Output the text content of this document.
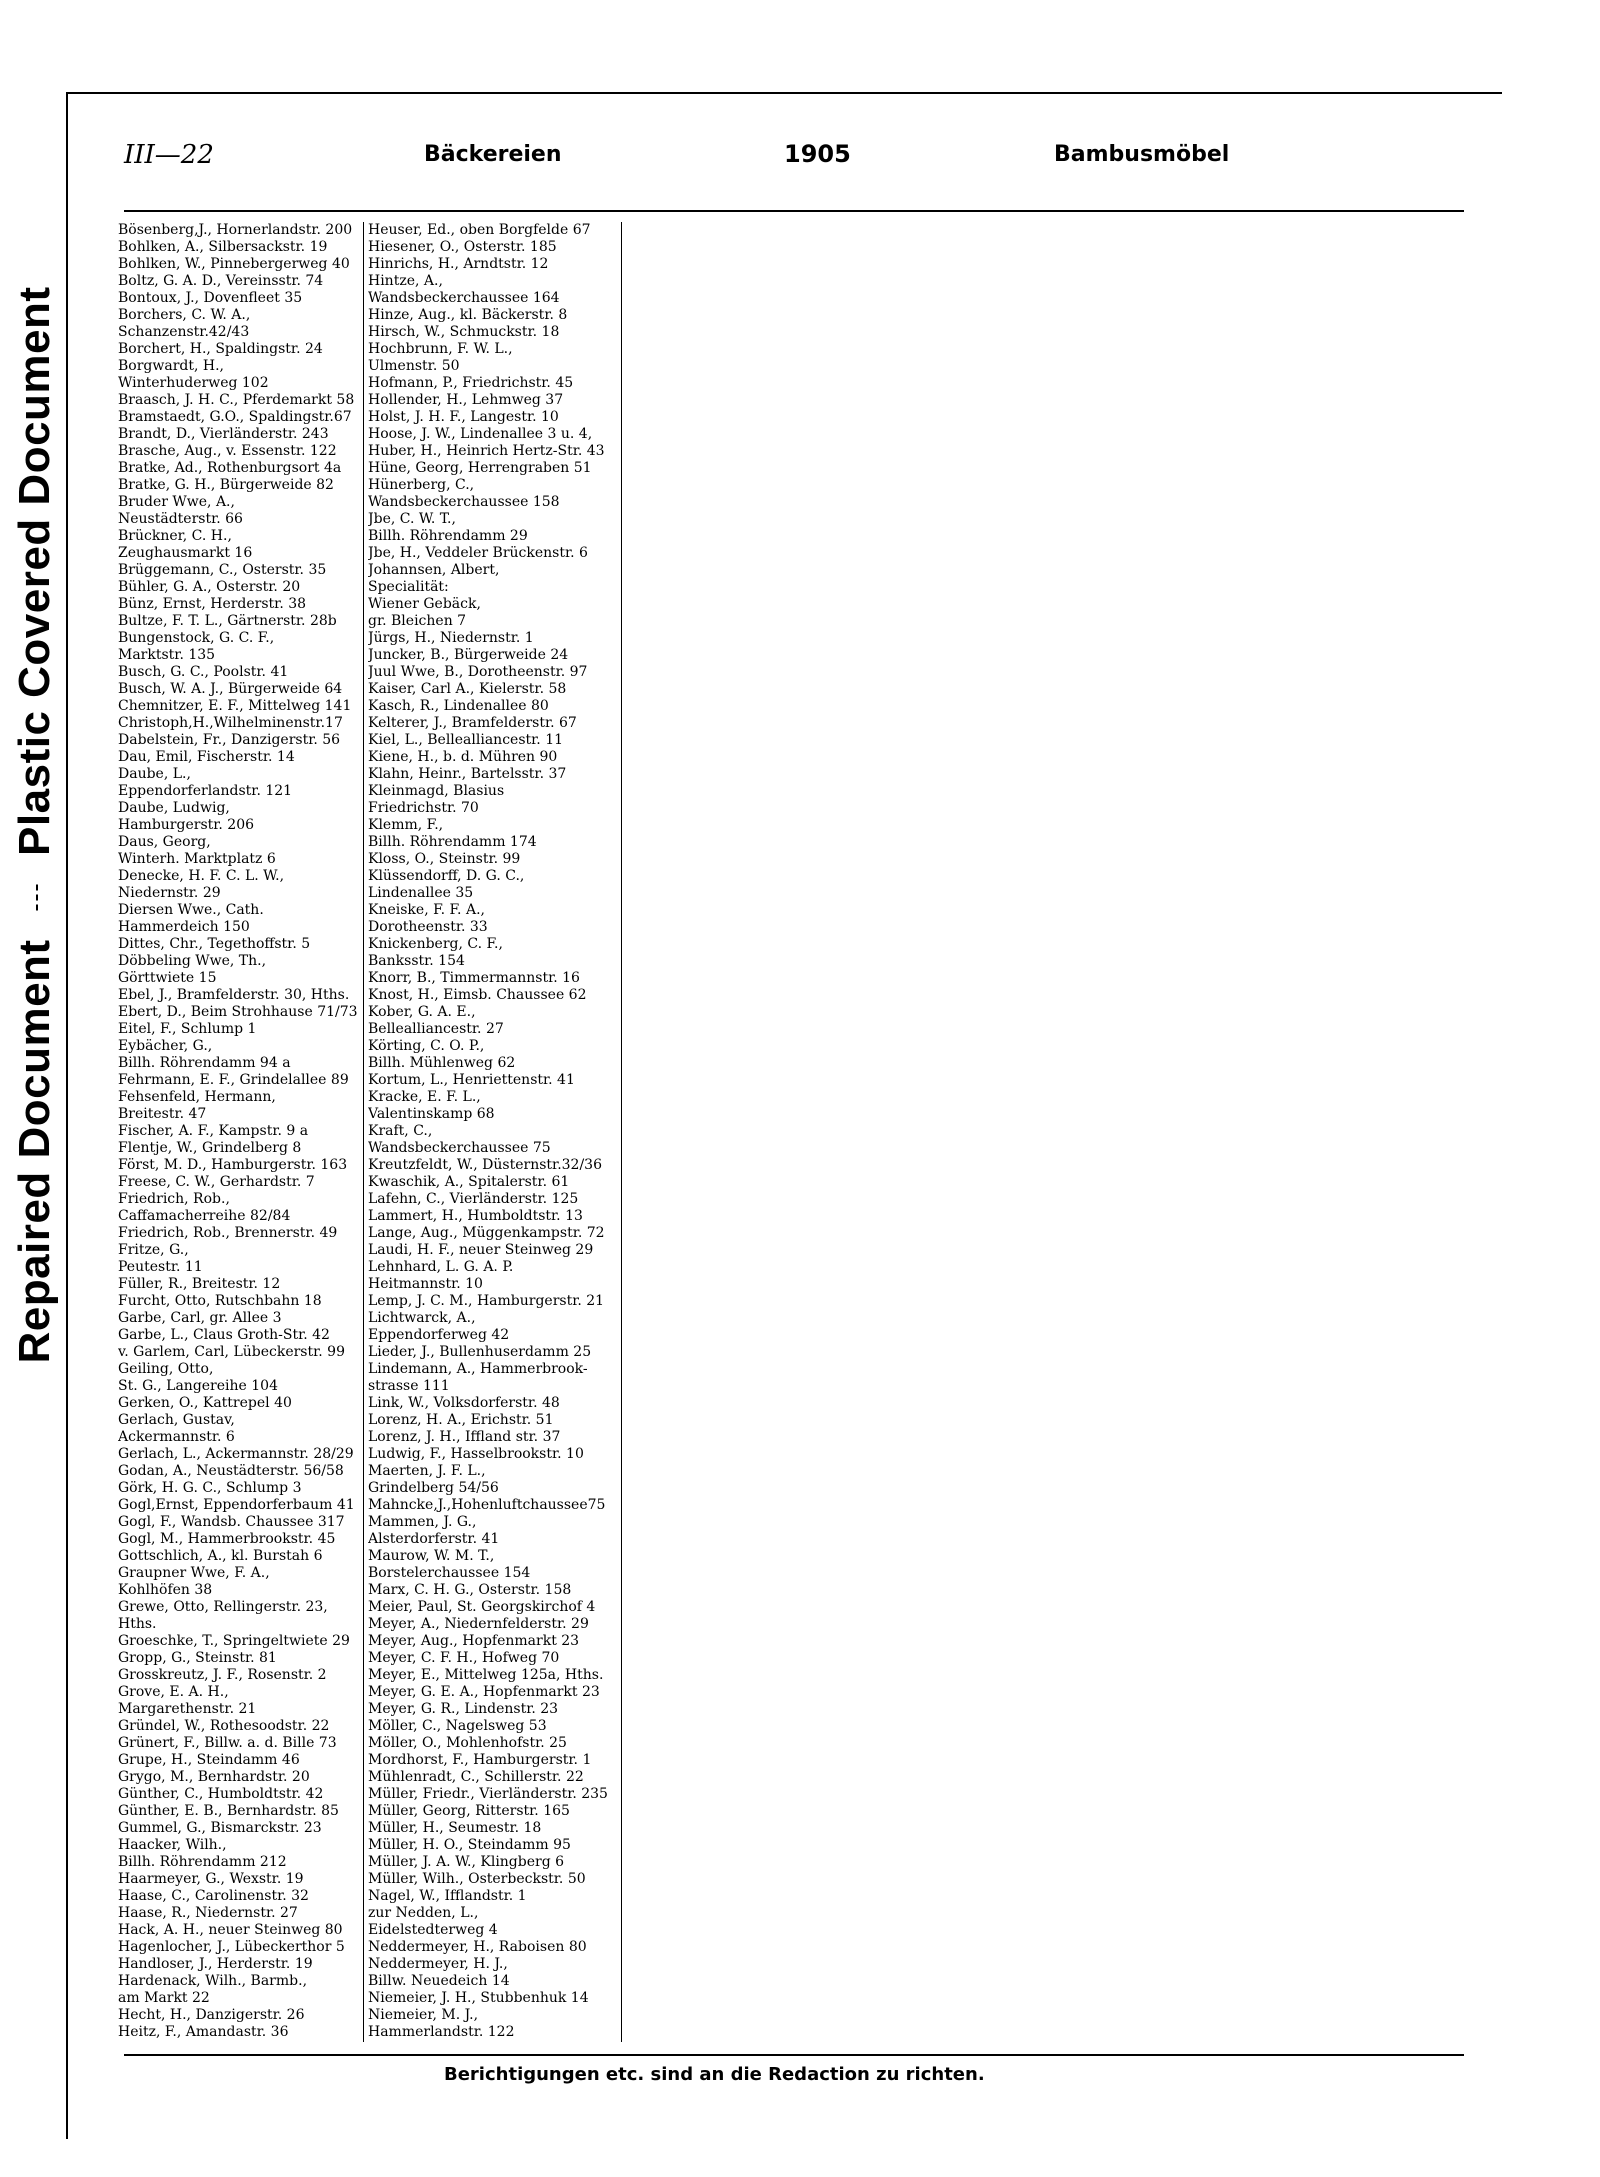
Repaired Document  Plastic Covered Document
III—22	Bäckereien	1905	Bambusmöbel
Bösenberg,J., Hornerlandstr. 200
Bohlken, A., Silbersackstr. 19
Bohlken, W., Pinnebergerweg 40
Boltz, G. A. D., Vereinsstr. 74
Bontoux, J., Dovenfleet 35
Borchers, C. W. A.,
Schanzenstr.42/43
Borchert, H., Spaldingstr. 24
Borgwardt, H.,
Winterhuderweg 102
Braasch, J. H. C., Pferdemarkt 58
Bramstaedt, G.O., Spaldingstr.67
Brandt, D., Vierländerstr. 243
Brasche, Aug., v. Essenstr. 122
Bratke, Ad., Rothenburgsort 4a
Bratke, G. H., Bürgerweide 82
Bruder Wwe, A.,
Neustädterstr. 66
Brückner, C. H.,
Zeughausmarkt 16
Brüggemann, C., Osterstr. 35
Bühler, G. A., Osterstr. 20
Bünz, Ernst, Herderstr. 38
Bultze, F. T. L., Gärtnerstr. 28b
Bungenstock, G. C. F.,
Marktstr. 135
Busch, G. C., Poolstr. 41
Busch, W. A. J., Bürgerweide 64
Chemnitzer, E. F., Mittelweg 141
Christoph,H.,Wilhelminenstr.17
Dabelstein, Fr., Danzigerstr. 56
Dau, Emil, Fischerstr. 14
Daube, L.,
Eppendorferlandstr. 121
Daube, Ludwig,
Hamburgerstr. 206
Daus, Georg,
Winterh. Marktplatz 6
Denecke, H. F. C. L. W.,
Niedernstr. 29
Diersen Wwe., Cath.
Hammerdeich 150
Dittes, Chr., Tegethoffstr. 5
Döbbeling Wwe, Th.,
Görttwiete 15
Ebel, J., Bramfelderstr. 30, Hths.
Ebert, D., Beim Strohhause 71/73
Eitel, F., Schlump 1
Eybächer, G.,
Billh. Röhrendamm 94 a
Fehrmann, E. F., Grindelallee 89
Fehsenfeld, Hermann,
Breitestr. 47
Fischer, A. F., Kampstr. 9 a
Flentje, W., Grindelberg 8
Först, M. D., Hamburgerstr. 163
Freese, C. W., Gerhardstr. 7
Friedrich, Rob.,
Caffamacherreihe 82/84
Friedrich, Rob., Brennerstr. 49
Fritze, G.,
Peutestr. 11
Füller, R., Breitestr. 12
Furcht, Otto, Rutschbahn 18
Garbe, Carl, gr. Allee 3
Garbe, L., Claus Groth-Str. 42
v. Garlem, Carl, Lübeckerstr. 99
Geiling, Otto,
St. G., Langereihe 104
Gerken, O., Kattrepel 40
Gerlach, Gustav,
Ackermannstr. 6
Gerlach, L., Ackermannstr. 28/29
Godan, A., Neustädterstr. 56/58
Görk, H. G. C., Schlump 3
Gogl,Ernst, Eppendorferbaum 41
Gogl, F., Wandsb. Chaussee 317
Gogl, M., Hammerbrookstr. 45
Gottschlich, A., kl. Burstah 6
Graupner Wwe, F. A.,
Kohlhöfen 38
Grewe, Otto, Rellingerstr. 23,
Hths.
Groeschke, T., Springeltwiete 29
Gropp, G., Steinstr. 81
Grosskreutz, J. F., Rosenstr. 2
Grove, E. A. H.,
Margarethenstr. 21
Gründel, W., Rothesoodstr. 22
Grünert, F., Billw. a. d. Bille 73
Grupe, H., Steindamm 46
Grygo, M., Bernhardstr. 20
Günther, C., Humboldtstr. 42
Günther, E. B., Bernhardstr. 85
Gummel, G., Bismarckstr. 23
Haacker, Wilh.,
Billh. Röhrendamm 212
Haarmeyer, G., Wexstr. 19
Haase, C., Carolinenstr. 32
Haase, R., Niedernstr. 27
Hack, A. H., neuer Steinweg 80
Hagenlocher, J., Lübeckerthor 5
Handloser, J., Herderstr. 19
Hardenack, Wilh., Barmb.,
am Markt 22
Hecht, H., Danzigerstr. 26
Heitz, F., Amandastr. 36
Heuser, Ed., oben Borgfelde 67
Hiesener, O., Osterstr. 185
Hinrichs, H., Arndtstr. 12
Hintze, A.,
Wandsbeckerchaussee 164
Hinze, Aug., kl. Bäckerstr. 8
Hirsch, W., Schmuckstr. 18
Hochbrunn, F. W. L.,
Ulmenstr. 50
Hofmann, P., Friedrichstr. 45
Hollender, H., Lehmweg 37
Holst, J. H. F., Langestr. 10
Hoose, J. W., Lindenallee 3 u. 4,
Huber, H., Heinrich Hertz-Str. 43
Hüne, Georg, Herrengraben 51
Hünerberg, C.,
Wandsbeckerchaussee 158
Jbe, C. W. T.,
Billh. Röhrendamm 29
Jbe, H., Veddeler Brückenstr. 6
Johannsen, Albert,
Specialität:
Wiener Gebäck,
gr. Bleichen 7
Jürgs, H., Niedernstr. 1
Juncker, B., Bürgerweide 24
Juul Wwe, B., Dorotheenstr. 97
Kaiser, Carl A., Kielerstr. 58
Kasch, R., Lindenallee 80
Kelterer, J., Bramfelderstr. 67
Kiel, L., Bellealliancestr. 11
Kiene, H., b. d. Mühren 90
Klahn, Heinr., Bartelsstr. 37
Kleinmagd, Blasius
Friedrichstr. 70
Klemm, F.,
Billh. Röhrendamm 174
Kloss, O., Steinstr. 99
Klüssendorff, D. G. C.,
Lindenallee 35
Kneiske, F. F. A.,
Dorotheenstr. 33
Knickenberg, C. F.,
Banksstr. 154
Knorr, B., Timmermannstr. 16
Knost, H., Eimsb. Chaussee 62
Kober, G. A. E.,
Bellealliancestr. 27
Körting, C. O. P.,
Billh. Mühlenweg 62
Kortum, L., Henriettenstr. 41
Kracke, E. F. L.,
Valentinskamp 68
Kraft, C.,
Wandsbeckerchaussee 75
Kreutzfeldt, W., Düsternstr.32/36
Kwaschik, A., Spitalerstr. 61
Lafehn, C., Vierländerstr. 125
Lammert, H., Humboldtstr. 13
Lange, Aug., Müggenkampstr. 72
Laudi, H. F., neuer Steinweg 29
Lehnhard, L. G. A. P.
Heitmannstr. 10
Lemp, J. C. M., Hamburgerstr. 21
Lichtwarck, A.,
Eppendorferweg 42
Lieder, J., Bullenhuserdamm 25
Lindemann, A., Hammerbrook-
strasse 111
Link, W., Volksdorferstr. 48
Lorenz, H. A., Erichstr. 51
Lorenz, J. H., Iffland str. 37
Ludwig, F., Hasselbrookstr. 10
Maerten, J. F. L.,
Grindelberg 54/56
Mahncke,J.,Hohenluftchaussee75
Mammen, J. G.,
Alsterdorferstr. 41
Maurow, W. M. T.,
Borstelerchaussee 154
Marx, C. H. G., Osterstr. 158
Meier, Paul, St. Georgskirchof 4
Meyer, A., Niedernfelderstr. 29
Meyer, Aug., Hopfenmarkt 23
Meyer, C. F. H., Hofweg 70
Meyer, E., Mittelweg 125a, Hths.
Meyer, G. E. A., Hopfenmarkt 23
Meyer, G. R., Lindenstr. 23
Möller, C., Nagelsweg 53
Möller, O., Mohlenhofstr. 25
Mordhorst, F., Hamburgerstr. 1
Mühlenradt, C., Schillerstr. 22
Müller, Friedr., Vierländerstr. 235
Müller, Georg, Ritterstr. 165
Müller, H., Seumestr. 18
Müller, H. O., Steindamm 95
Müller, J. A. W., Klingberg 6
Müller, Wilh., Osterbeckstr. 50
Nagel, W., Ifflandstr. 1
zur Nedden, L.,
Eidelstedterweg 4
Neddermeyer, H., Raboisen 80
Neddermeyer, H. J.,
Billw. Neuedeich 14
Niemeier, J. H., Stubbenhuk 14
Niemeier, M. J.,
Hammerlandstr. 122
Berichtigungen etc. sind an die Redaction zu richten.
